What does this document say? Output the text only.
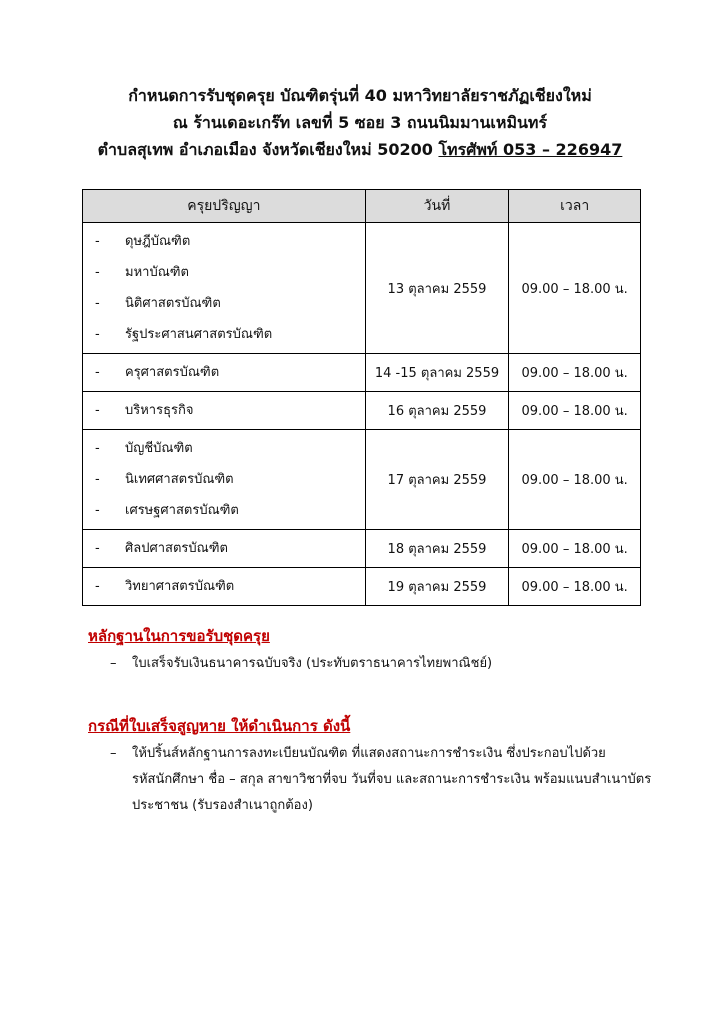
กำหนดการรับชุดครุย บัณฑิตรุ่นที่ 40 มหาวิทยาลัยราชภัฏเชียงใหม่
ณ ร้านเดอะเกร๊ท เลขที่ 5 ซอย 3 ถนนนิมมานเหมินทร์
ตำบลสุเทพ อำเภอเมือง จังหวัดเชียงใหม่ 50200 โทรศัพท์ 053 – 226947
ครุยปริญญา	วันที่	เวลา

- ดุษฎีบัณฑิต
- มหาบัณฑิต
- นิติศาสตรบัณฑิต
- รัฐประศาสนศาสตรบัณฑิต	13 ตุลาคม 2559	09.00 – 18.00 น.

- ครุศาสตรบัณฑิต	14 -15 ตุลาคม 2559	09.00 – 18.00 น.

- บริหารธุรกิจ	16 ตุลาคม 2559	09.00 – 18.00 น.

- บัญชีบัณฑิต
- นิเทศศาสตรบัณฑิต
- เศรษฐศาสตรบัณฑิต	17 ตุลาคม 2559	09.00 – 18.00 น.

- ศิลปศาสตรบัณฑิต	18 ตุลาคม 2559	09.00 – 18.00 น.

- วิทยาศาสตรบัณฑิต	19 ตุลาคม 2559	09.00 – 18.00 น.
หลักฐานในการขอรับชุดครุย
– ใบเสร็จรับเงินธนาคารฉบับจริง (ประทับตราธนาคารไทยพาณิชย์)
กรณีที่ใบเสร็จสูญหาย ให้ดำเนินการ ดังนี้
– ให้ปริ้นส์หลักฐานการลงทะเบียนบัณฑิต ที่แสดงสถานะการชำระเงิน ซึ่งประกอบไปด้วย
รหัสนักศึกษา ชื่อ – สกุล สาขาวิชาที่จบ วันที่จบ และสถานะการชำระเงิน พร้อมแนบสำเนาบัตร
ประชาชน (รับรองสำเนาถูกต้อง)
